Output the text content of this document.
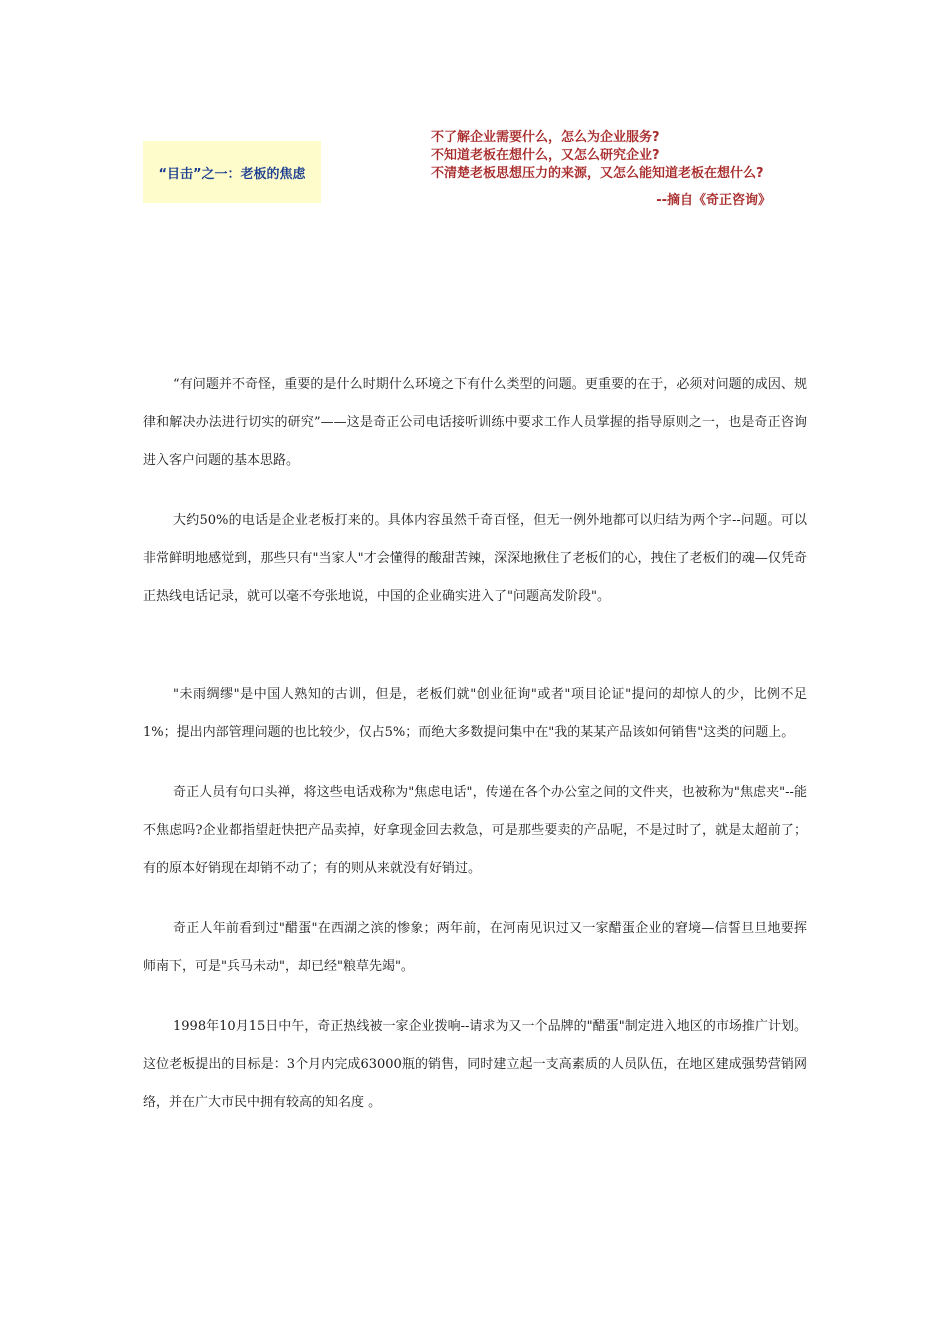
“目击”之一：老板的焦虑

不了解企业需要什么，怎么为企业服务?

不知道老板在想什么，又怎么研究企业?

不清楚老板思想压力的来源，又怎么能知道老板在想什么?

--摘自《奇正咨询》

“有问题并不奇怪，重要的是什么时期什么环境之下有什么类型的问题。更重要的在于，必须对问题的成因、规律和解决办法进行切实的研究”——这是奇正公司电话接听训练中要求工作人员掌握的指导原则之一，也是奇正咨询进入客户问题的基本思路。

大约50%的电话是企业老板打来的。具体内容虽然千奇百怪，但无一例外地都可以归结为两个字--问题。可以非常鲜明地感觉到，那些只有"当家人"才会懂得的酸甜苦辣，深深地揪住了老板们的心，拽住了老板们的魂—仅凭奇正热线电话记录，就可以毫不夸张地说，中国的企业确实进入了"问题高发阶段"。

"未雨绸缪"是中国人熟知的古训，但是，老板们就"创业征询"或者"项目论证"提问的却惊人的少，比例不足1%；提出内部管理问题的也比较少，仅占5%；而绝大多数提问集中在"我的某某产品该如何销售"这类的问题上。

奇正人员有句口头禅，将这些电话戏称为"焦虑电话"，传递在各个办公室之间的文件夹，也被称为"焦虑夹"--能不焦虑吗?企业都指望赶快把产品卖掉，好拿现金回去救急，可是那些要卖的产品呢，不是过时了，就是太超前了；有的原本好销现在却销不动了；有的则从来就没有好销过。

奇正人年前看到过"醋蛋"在西湖之滨的惨象；两年前，在河南见识过又一家醋蛋企业的窘境—信誓旦旦地要挥师南下，可是"兵马未动"，却已经"粮草先竭"。

1998年10月15日中午，奇正热线被一家企业拨响--请求为又一个品牌的"醋蛋"制定进入地区的市场推广计划。这位老板提出的目标是：3个月内完成63000瓶的销售，同时建立起一支高素质的人员队伍，在地区建成强势营销网络，并在广大市民中拥有较高的知名度 。
